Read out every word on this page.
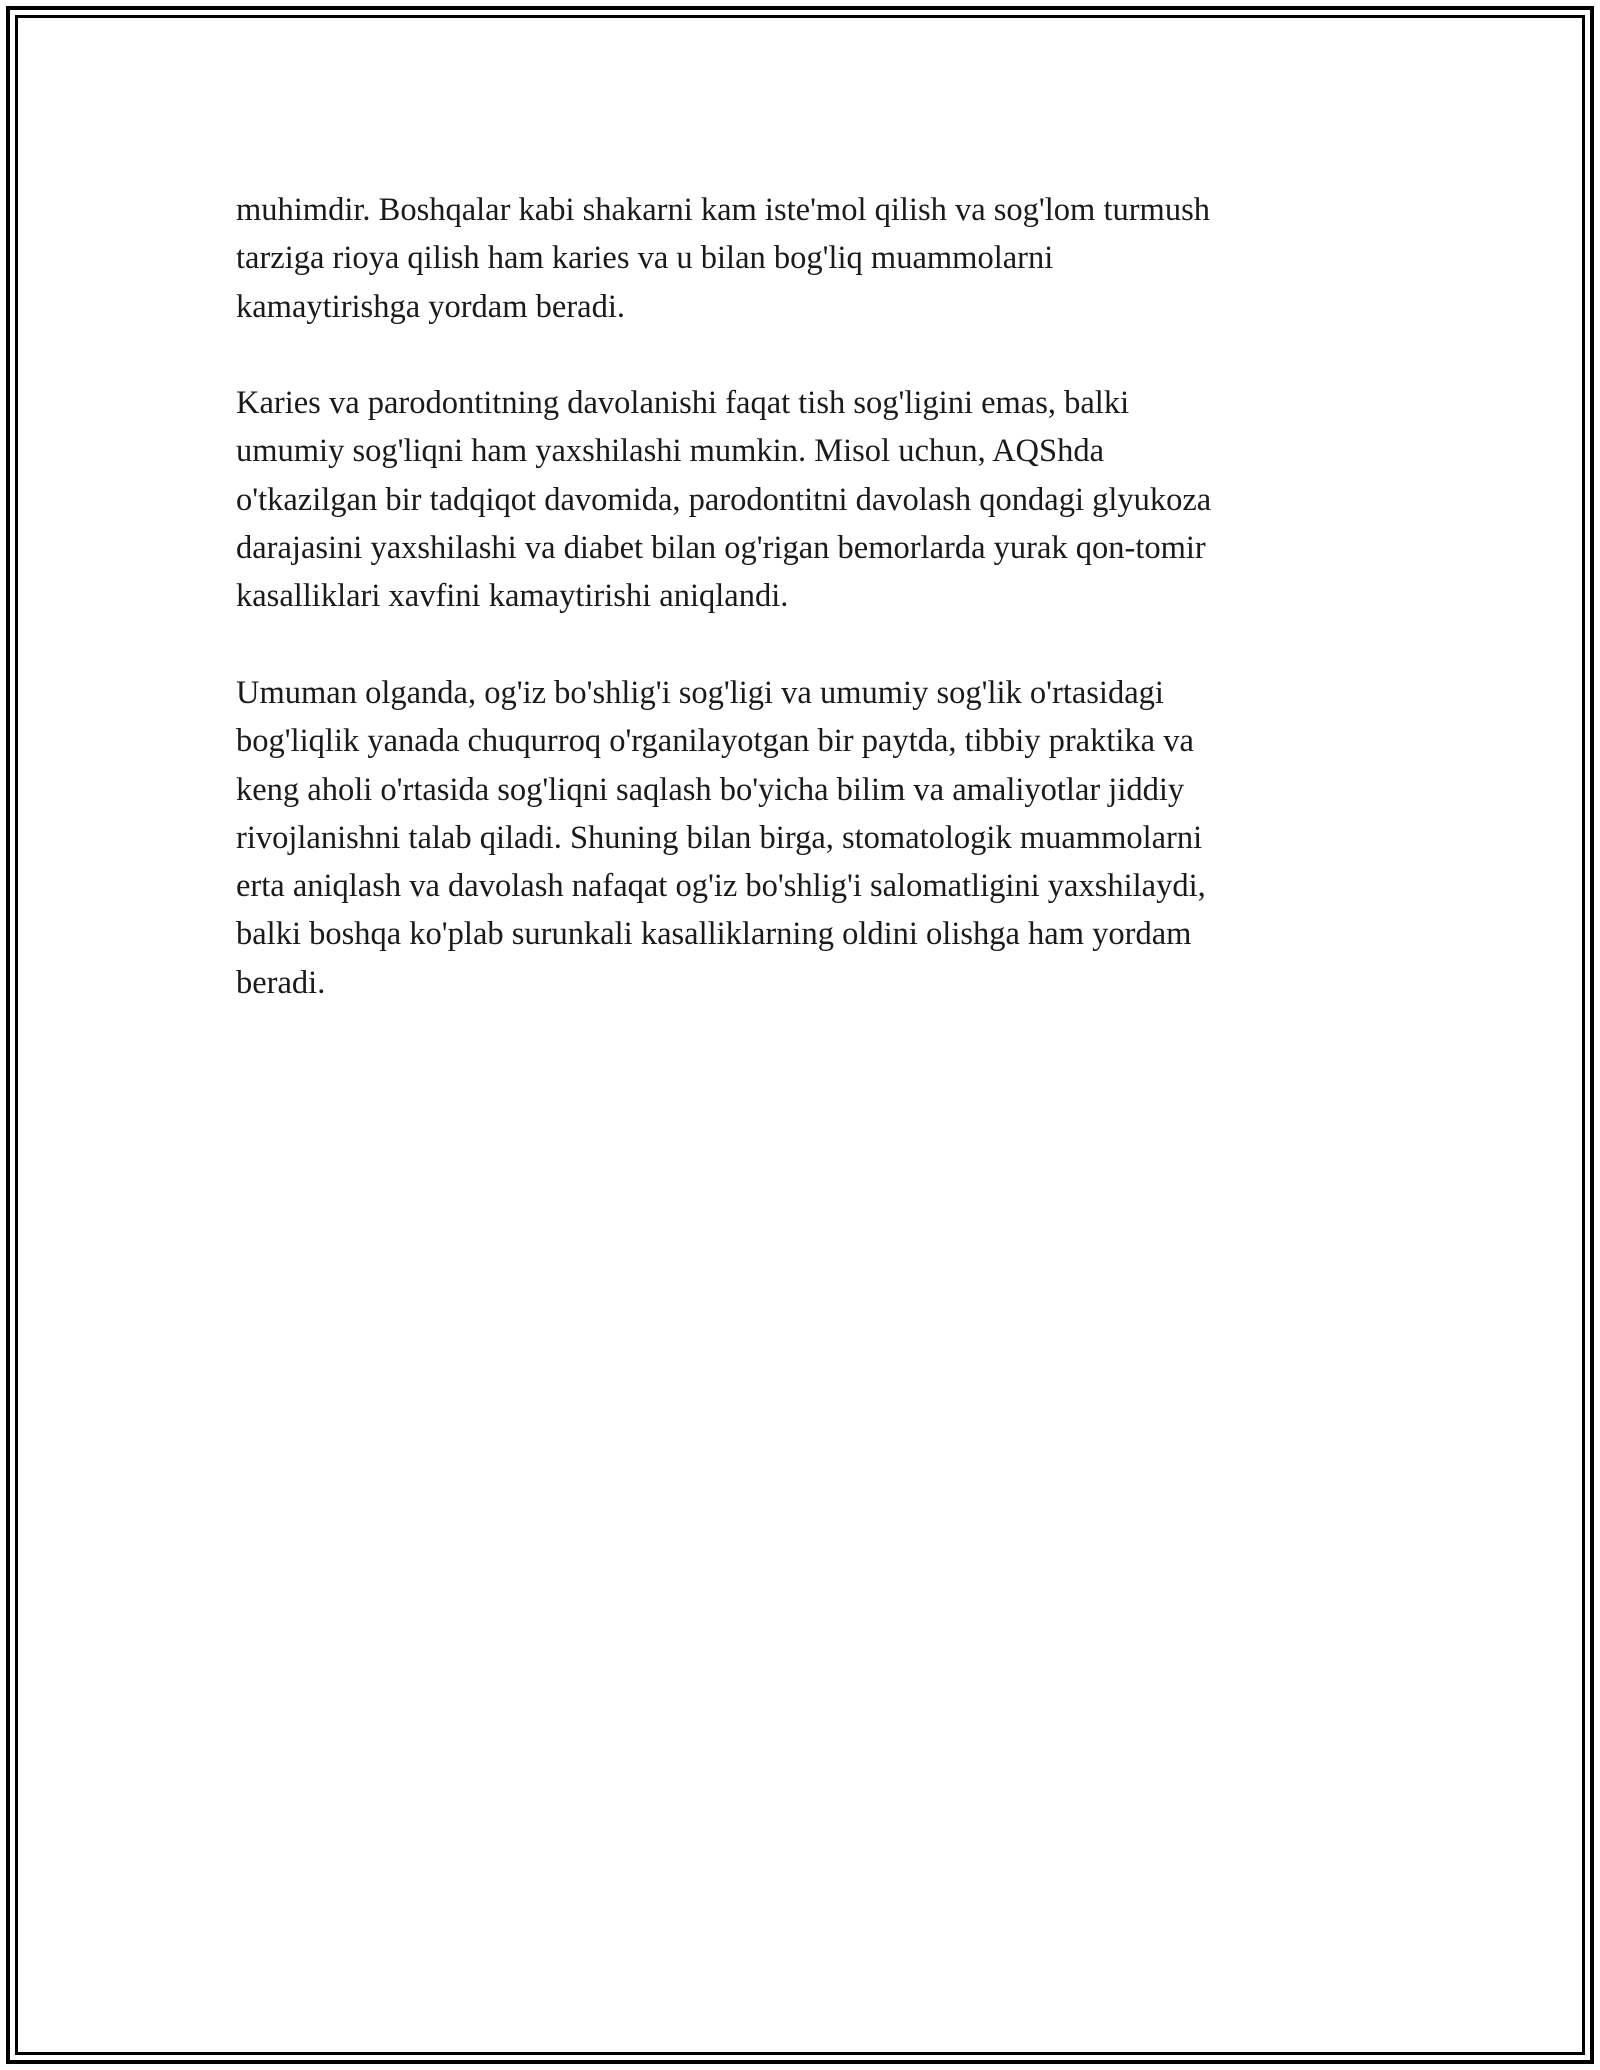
muhimdir. Boshqalar kabi shakarni kam iste'mol qilish va sog'lom turmush
tarziga rioya qilish ham karies va u bilan bog'liq muammolarni
kamaytirishga yordam beradi.

Karies va parodontitning davolanishi faqat tish sog'ligini emas, balki
umumiy sog'liqni ham yaxshilashi mumkin. Misol uchun, AQShda
o'tkazilgan bir tadqiqot davomida, parodontitni davolash qondagi glyukoza
darajasini yaxshilashi va diabet bilan og'rigan bemorlarda yurak qon-tomir
kasalliklari xavfini kamaytirishi aniqlandi.

Umuman olganda, og'iz bo'shlig'i sog'ligi va umumiy sog'lik o'rtasidagi
bog'liqlik yanada chuqurroq o'rganilayotgan bir paytda, tibbiy praktika va
keng aholi o'rtasida sog'liqni saqlash bo'yicha bilim va amaliyotlar jiddiy
rivojlanishni talab qiladi. Shuning bilan birga, stomatologik muammolarni
erta aniqlash va davolash nafaqat og'iz bo'shlig'i salomatligini yaxshilaydi,
balki boshqa ko'plab surunkali kasalliklarning oldini olishga ham yordam
beradi.
